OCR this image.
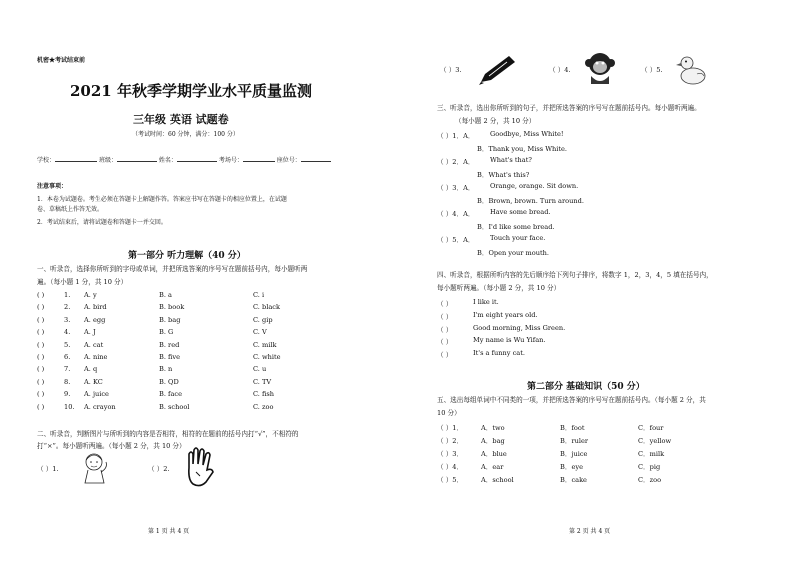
机密★考试结束前
2021 年秋季学期学业水平质量监测
三年级 英语 试题卷
（考试时间：60 分钟，满分：100 分）
学校：	班级：	姓名：	考场号：	座位号：
注意事项：
1．本卷为试题卷。考生必须在答题卡上解题作答。答案应书写在答题卡的相应位置上，在试题
卷、草稿纸上作答无效。
2．考试结束后，请将试题卷和答题卡一并交回。
第一部分 听力理解（40 分）
一、听录音，选择你所听到的字母或单词，并把所选答案的序号写在题前括号内，每小题听两
遍。（每小题 1 分，共 10 分）
( )	1. A. y	B. a	C. i
( )	2. A. bird	B. book	C. black
( )	3. A. egg	B. bag	C. gip
( )	4. A. J	B. G	C. V
( )	5. A. cat	B. red	C. milk
( )	6. A. nine	B. five	C. white
( )	7. A. q	B. n	C. u
( )	8. A. KC	B. QD	C. TV
( )	9. A. juice	B. face	C. fish
( )	10. A. crayon	B. school	C. zoo
二、听录音，判断图片与所听到的内容是否相符，相符的在题前的括号内打“√”，不相符的
打“×”。每小题听两遍。（每小题 2 分，共 10 分）
（ ）1.	（ ）2.
第 1 页 共 4 页
（ ）3.	（ ）4.	（ ）5.
三、听录音，选出你所听到的句子，并把所选答案的序号写在题前括号内。每小题听两遍。
（每小题 2 分，共 10 分）
（ ）1．A． Goodbye, Miss White!
B．Thank you, Miss White.
（ ）2．A． What's that?
B．What's this?
（ ）3．A． Orange, orange. Sit down.
B．Brown, brown. Turn around.
（ ）4．A． Have some bread.
B．I'd like some bread.
（ ）5．A． Touch your face.
B．Open your mouth.
四、听录音，根据所听内容的先后顺序给下列句子排序，将数字 1，2，3，4，5 填在括号内，
每小题听两遍。（每小题 2 分，共 10 分）
（ ）	I like it.
（ ）	I'm eight years old.
（ ）	Good morning, Miss Green.
（ ）	My name is Wu Yifan.
（ ）	It's a funny cat.
第二部分 基础知识（50 分）
五、选出每组单词中不同类的一项，并把所选答案的序号写在题前括号内。（每小题 2 分，共
10 分）
（ ）1．	A．two	B．foot	C．four
（ ）2．	A．bag	B．ruler	C．yellow
（ ）3．	A．blue	B．juice	C．milk
（ ）4．	A．ear	B．eye	C．pig
（ ）5．	A．school	B．cake	C．zoo
第 2 页 共 4 页
